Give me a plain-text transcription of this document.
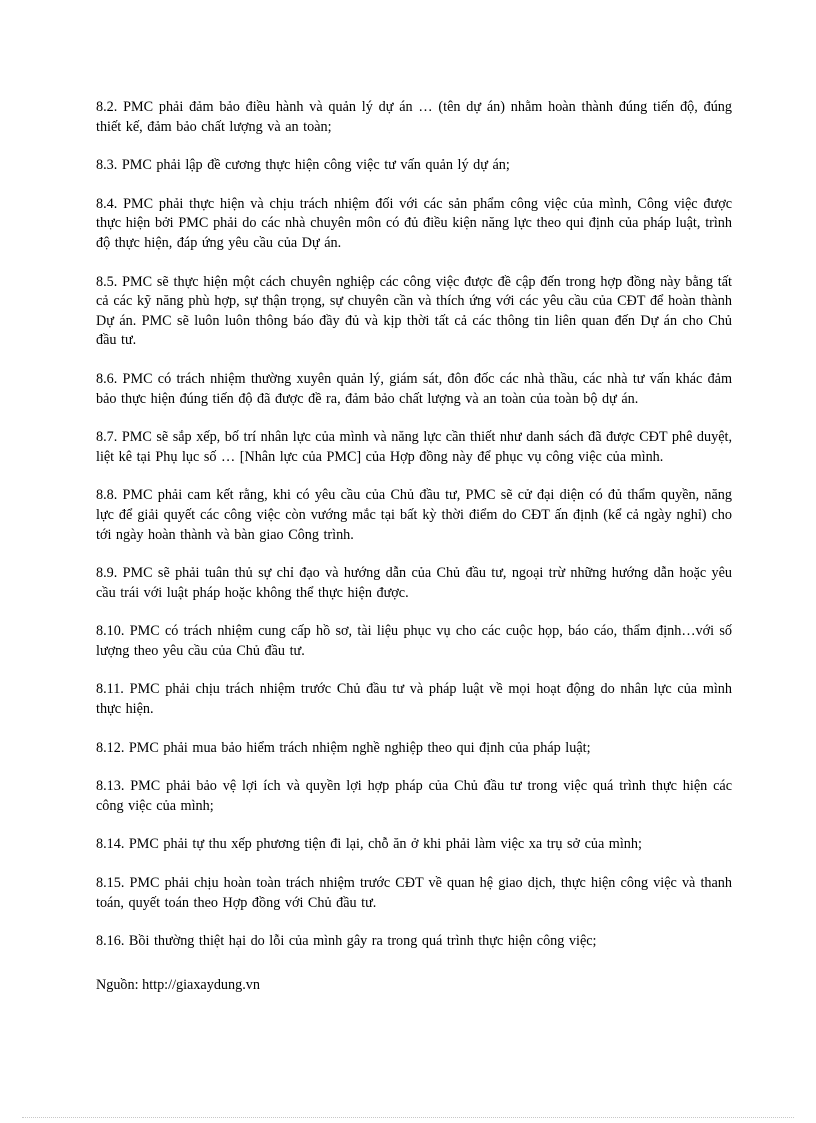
8.2. PMC phải đảm bảo điều hành và quản lý dự án … (tên dự án) nhằm hoàn thành đúng tiến độ, đúng thiết kế, đảm bảo chất lượng và an toàn;

8.3. PMC phải lập đề cương thực hiện công việc tư vấn quản lý dự án;

8.4. PMC phải thực hiện và chịu trách nhiệm đối với các sản phẩm công việc của mình, Công việc được thực hiện bởi PMC phải do các nhà chuyên môn có đủ điều kiện năng lực theo qui định của pháp luật, trình độ thực hiện, đáp ứng yêu cầu của Dự án.

8.5. PMC sẽ thực hiện một cách chuyên nghiệp các công việc được đề cập đến trong hợp đồng này bằng tất cả các kỹ năng phù hợp, sự thận trọng, sự chuyên cần và thích ứng với các yêu cầu của CĐT để hoàn thành Dự án. PMC sẽ luôn luôn thông báo đầy đủ và kịp thời tất cả các thông tin liên quan đến Dự án cho Chủ đầu tư.

8.6. PMC có trách nhiệm thường xuyên quản lý, giám sát, đôn đốc các nhà thầu, các nhà tư vấn khác đảm bảo thực hiện đúng tiến độ đã được đề ra, đảm bảo chất lượng và an toàn của toàn bộ dự án.

8.7. PMC sẽ sắp xếp, bố trí nhân lực của mình và năng lực cần thiết như danh sách đã được CĐT phê duyệt, liệt kê tại Phụ lục số … [Nhân lực của PMC] của Hợp đồng này để phục vụ công việc của mình.

8.8. PMC phải cam kết rằng, khi có yêu cầu của Chủ đầu tư, PMC sẽ cử đại diện có đủ thẩm quyền, năng lực để giải quyết các công việc còn vướng mắc tại bất kỳ thời điểm do CĐT ấn định (kể cả ngày nghỉ) cho tới ngày hoàn thành và bàn giao Công trình.

8.9. PMC sẽ phải tuân thủ sự chỉ đạo và hướng dẫn của Chủ đầu tư, ngoại trừ những hướng dẫn hoặc yêu cầu trái với luật pháp hoặc không thể thực hiện được.

8.10. PMC có trách nhiệm cung cấp hồ sơ, tài liệu phục vụ cho các cuộc họp, báo cáo, thẩm định…với số lượng theo yêu cầu của Chủ đầu tư.

8.11. PMC phải chịu trách nhiệm trước Chủ đầu tư và pháp luật về mọi hoạt động do nhân lực của mình thực hiện.

8.12. PMC phải mua bảo hiểm trách nhiệm nghề nghiệp theo qui định của pháp luật;

8.13. PMC phải bảo vệ lợi ích và quyền lợi hợp pháp của Chủ đầu tư trong việc quá trình thực hiện các công việc của mình;

8.14. PMC phải tự thu xếp phương tiện đi lại, chỗ ăn ở khi phải làm việc xa trụ sở của mình;

8.15. PMC phải chịu hoàn toàn trách nhiệm trước CĐT về quan hệ giao dịch, thực hiện công việc và thanh toán, quyết toán theo Hợp đồng với Chủ đầu tư.

8.16. Bồi thường thiệt hại do lỗi của mình gây ra trong quá trình thực hiện công việc;

Nguồn: http://giaxaydung.vn
